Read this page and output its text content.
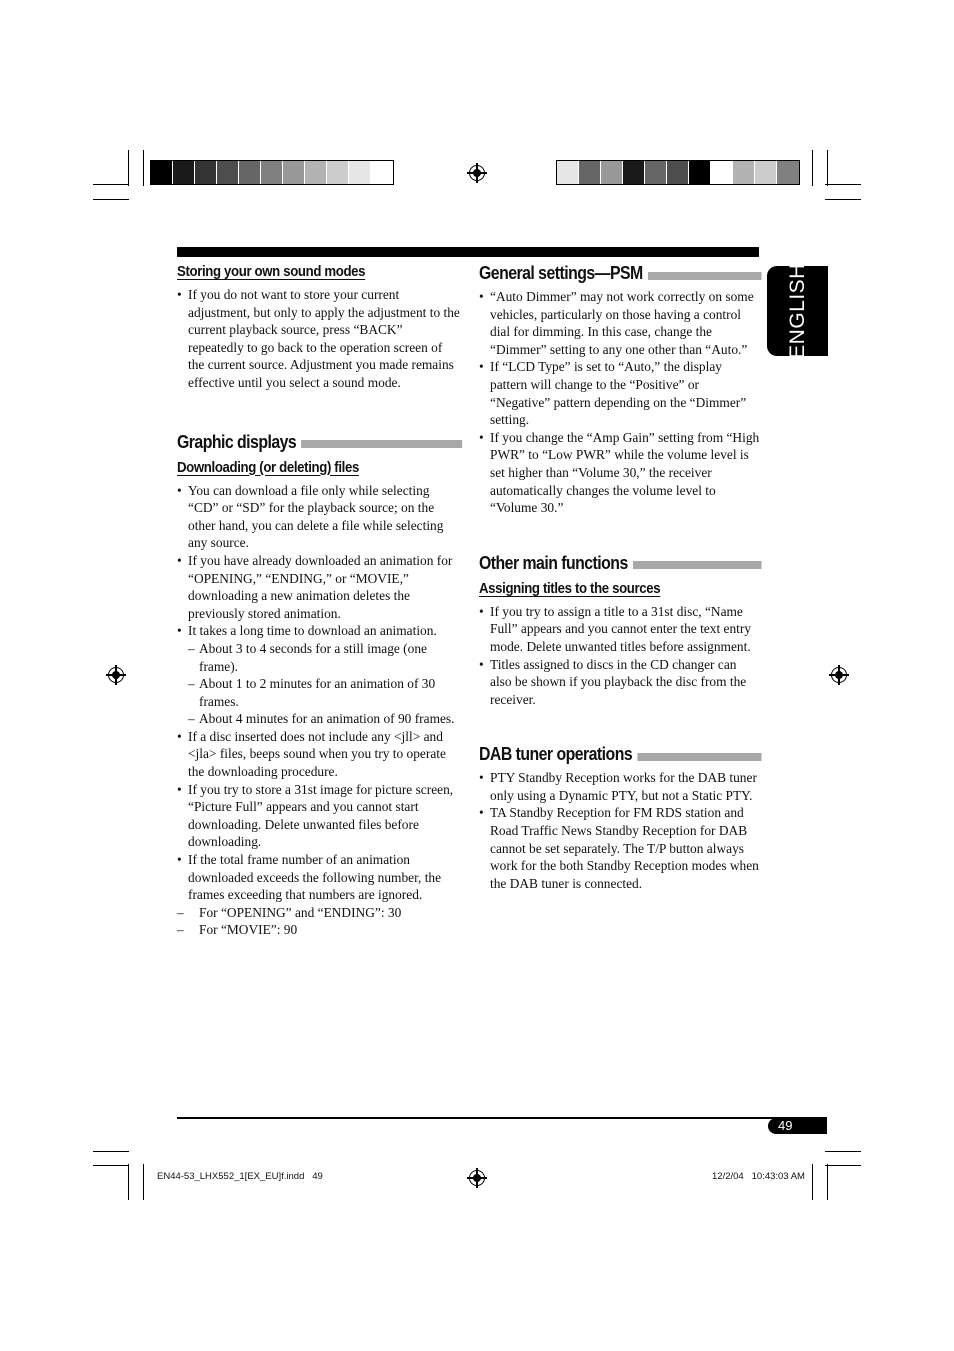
ENGLISH
Storing your own sound modes
• If you do not want to store your current adjustment, but only to apply the adjustment to the current playback source, press “BACK” repeatedly to go back to the operation screen of the current source. Adjustment you made remains effective until you select a sound mode.
Graphic displays
Downloading (or deleting) files
• You can download a file only while selecting “CD” or “SD” for the playback source; on the other hand, you can delete a file while selecting any source.
• If you have already downloaded an animation for “OPENING,” “ENDING,” or “MOVIE,” downloading a new animation deletes the previously stored animation.
• It takes a long time to download an animation.
– About 3 to 4 seconds for a still image (one frame).
– About 1 to 2 minutes for an animation of 30 frames.
– About 4 minutes for an animation of 90 frames.
• If a disc inserted does not include any <jll> and <jla> files, beeps sound when you try to operate the downloading procedure.
• If you try to store a 31st image for picture screen, “Picture Full” appears and you cannot start downloading. Delete unwanted files before downloading.
• If the total frame number of an animation downloaded exceeds the following number, the frames exceeding that numbers are ignored.
– For “OPENING” and “ENDING”: 30
– For “MOVIE”: 90
General settings—PSM
• “Auto Dimmer” may not work correctly on some vehicles, particularly on those having a control dial for dimming. In this case, change the “Dimmer” setting to any one other than “Auto.”
• If “LCD Type” is set to “Auto,” the display pattern will change to the “Positive” or “Negative” pattern depending on the “Dimmer” setting.
• If you change the “Amp Gain” setting from “High PWR” to “Low PWR” while the volume level is set higher than “Volume 30,” the receiver automatically changes the volume level to “Volume 30.”
Other main functions
Assigning titles to the sources
• If you try to assign a title to a 31st disc, “Name Full” appears and you cannot enter the text entry mode. Delete unwanted titles before assignment.
• Titles assigned to discs in the CD changer can also be shown if you playback the disc from the receiver.
DAB tuner operations
• PTY Standby Reception works for the DAB tuner only using a Dynamic PTY, but not a Static PTY.
• TA Standby Reception for FM RDS station and Road Traffic News Standby Reception for DAB cannot be set separately. The T/P button always work for the both Standby Reception modes when the DAB tuner is connected.
49
EN44-53_LHX552_1[EX_EU]f.indd   49	12/2/04   10:43:03 AM
